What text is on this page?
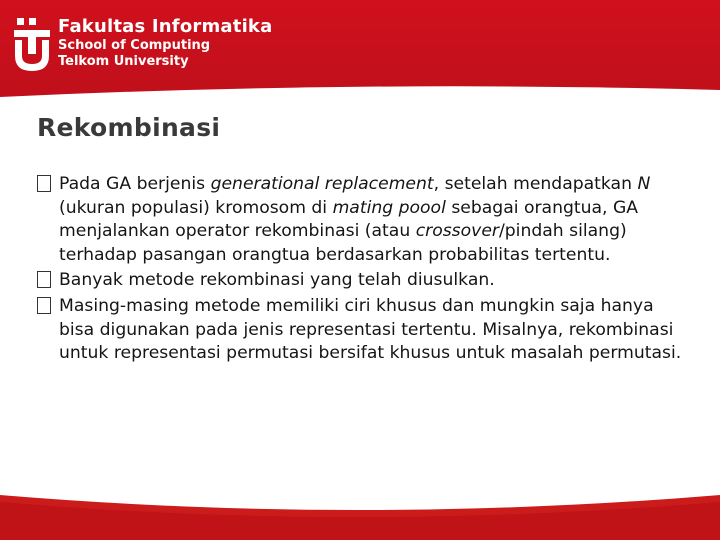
Fakultas Informatika
School of Computing
Telkom University
Rekombinasi
Pada GA berjenis generational replacement, setelah mendapatkan N (ukuran populasi) kromosom di mating poool sebagai orangtua, GA menjalankan operator rekombinasi (atau crossover/pindah silang) terhadap pasangan orangtua berdasarkan probabilitas tertentu.
Banyak metode rekombinasi yang telah diusulkan.
Masing-masing metode memiliki ciri khusus dan mungkin saja hanya bisa digunakan pada jenis representasi tertentu. Misalnya, rekombinasi untuk representasi permutasi bersifat khusus untuk masalah permutasi.
